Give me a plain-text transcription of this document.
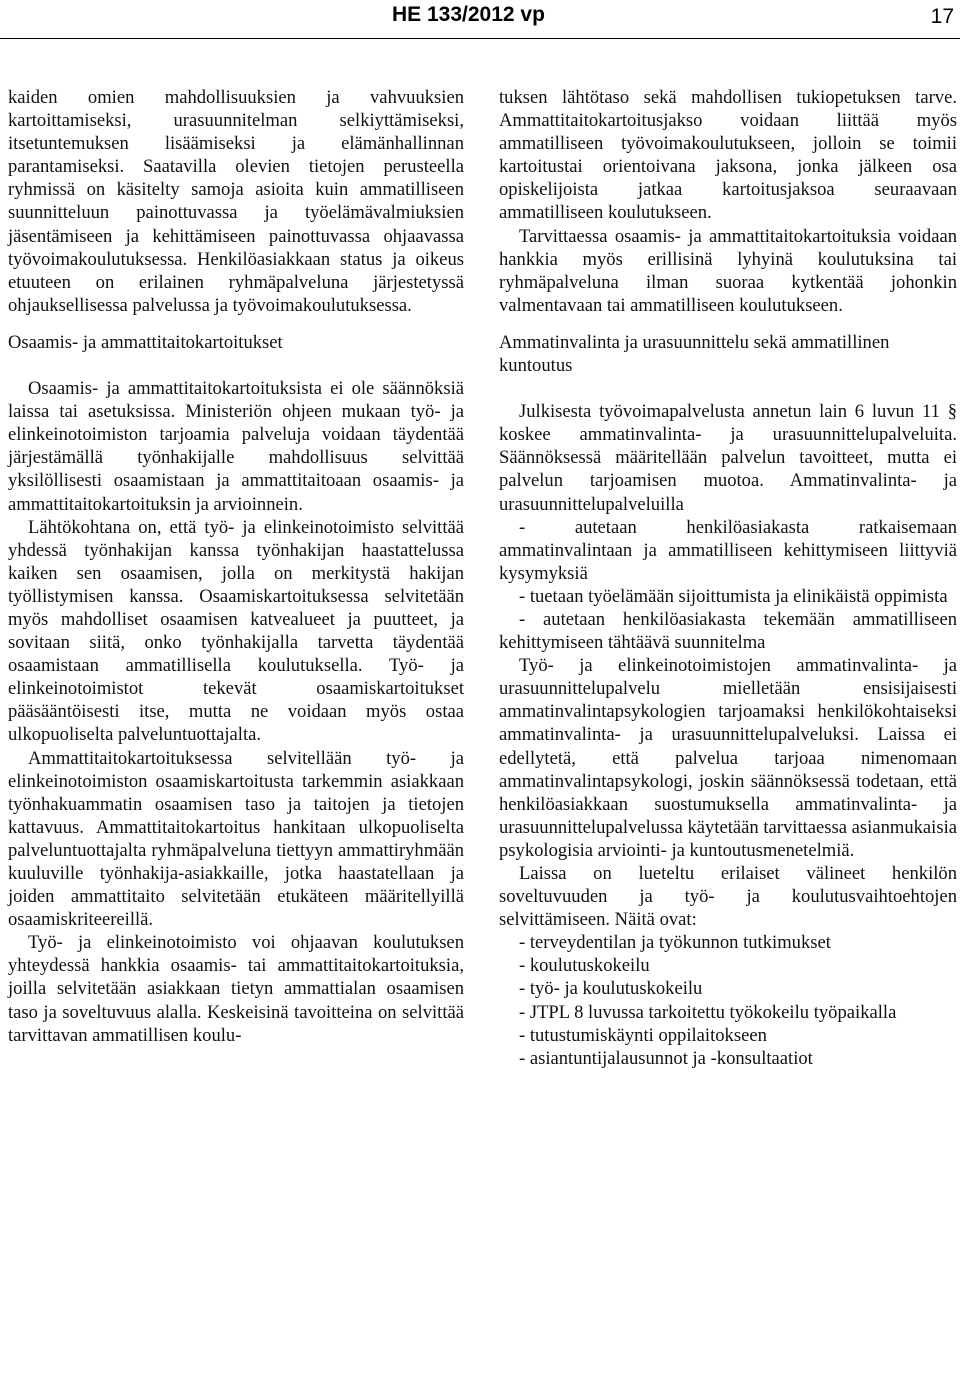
HE 133/2012 vp	17

kaiden omien mahdollisuuksien ja vahvuuksien kartoittamiseksi, urasuunnitelman selkiyttämiseksi, itsetuntemuksen lisäämiseksi ja elämänhallinnan parantamiseksi. Saatavilla olevien tietojen perusteella ryhmissä on käsitelty samoja asioita kuin ammatilliseen suunnitteluun painottuvassa ja työelämävalmiuksien jäsentämiseen ja kehittämiseen painottuvassa ohjaavassa työvoimakoulutuksessa. Henkilöasiakkaan status ja oikeus etuuteen on erilainen ryhmäpalveluna järjestetyssä ohjauksellisessa palvelussa ja työvoimakoulutuksessa.

Osaamis- ja ammattitaitokartoitukset

Osaamis- ja ammattitaitokartoituksista ei ole säännöksiä laissa tai asetuksissa. Ministeriön ohjeen mukaan työ- ja elinkeinotoimiston tarjoamia palveluja voidaan täydentää järjestämällä työnhakijalle mahdollisuus selvittää yksilöllisesti osaamistaan ja ammattitaitoaan osaamis- ja ammattitaitokartoituksin ja arvioinnein.

Lähtökohtana on, että työ- ja elinkeinotoimisto selvittää yhdessä työnhakijan kanssa työnhakijan haastattelussa kaiken sen osaamisen, jolla on merkitystä hakijan työllistymisen kanssa. Osaamiskartoituksessa selvitetään myös mahdolliset osaamisen katvealueet ja puutteet, ja sovitaan siitä, onko työnhakijalla tarvetta täydentää osaamistaan ammatillisella koulutuksella. Työ- ja elinkeinotoimistot tekevät osaamiskartoitukset pääsääntöisesti itse, mutta ne voidaan myös ostaa ulkopuoliselta palveluntuottajalta.

Ammattitaitokartoituksessa selvitellään työ- ja elinkeinotoimiston osaamiskartoitusta tarkemmin asiakkaan työnhakuammatin osaamisen taso ja taitojen ja tietojen kattavuus. Ammattitaitokartoitus hankitaan ulkopuoliselta palveluntuottajalta ryhmäpalveluna tiettyyn ammattiryhmään kuuluville työnhakija-asiakkaille, jotka haastatellaan ja joiden ammattitaito selvitetään etukäteen määritellyillä osaamiskriteereillä.

Työ- ja elinkeinotoimisto voi ohjaavan koulutuksen yhteydessä hankkia osaamis- tai ammattitaitokartoituksia, joilla selvitetään asiakkaan tietyn ammattialan osaamisen taso ja soveltuvuus alalla. Keskeisinä tavoitteina on selvittää tarvittavan ammatillisen koulu-

tuksen lähtötaso sekä mahdollisen tukiopetuksen tarve. Ammattitaitokartoitusjakso voidaan liittää myös ammatilliseen työvoimakoulutukseen, jolloin se toimii kartoitustai orientoivana jaksona, jonka jälkeen osa opiskelijoista jatkaa kartoitusjaksoa seuraavaan ammatilliseen koulutukseen.

Tarvittaessa osaamis- ja ammattitaitokartoituksia voidaan hankkia myös erillisinä lyhyinä koulutuksina tai ryhmäpalveluna ilman suoraa kytkentää johonkin valmentavaan tai ammatilliseen koulutukseen.

Ammatinvalinta ja urasuunnittelu sekä ammatillinen kuntoutus

Julkisesta työvoimapalvelusta annetun lain 6 luvun 11 § koskee ammatinvalinta- ja urasuunnittelupalveluita. Säännöksessä määritellään palvelun tavoitteet, mutta ei palvelun tarjoamisen muotoa. Ammatinvalinta- ja urasuunnittelupalveluilla

- autetaan henkilöasiakasta ratkaisemaan ammatinvalintaan ja ammatilliseen kehittymiseen liittyviä kysymyksiä

- tuetaan työelämään sijoittumista ja elinikäistä oppimista

- autetaan henkilöasiakasta tekemään ammatilliseen kehittymiseen tähtäävä suunnitelma

Työ- ja elinkeinotoimistojen ammatinvalinta- ja urasuunnittelupalvelu mielletään ensisijaisesti ammatinvalintapsykologien tarjoamaksi henkilökohtaiseksi ammatinvalinta- ja urasuunnittelupalveluksi. Laissa ei edellytetä, että palvelua tarjoaa nimenomaan ammatinvalintapsykologi, joskin säännöksessä todetaan, että henkilöasiakkaan suostumuksella ammatinvalinta- ja urasuunnittelupalvelussa käytetään tarvittaessa asianmukaisia psykologisia arviointi- ja kuntoutusmenetelmiä.

Laissa on lueteltu erilaiset välineet henkilön soveltuvuuden ja työ- ja koulutusvaihtoehtojen selvittämiseen. Näitä ovat:

- terveydentilan ja työkunnon tutkimukset

- koulutuskokeilu

- työ- ja koulutuskokeilu

- JTPL 8 luvussa tarkoitettu työkokeilu työpaikalla

- tutustumiskäynti oppilaitokseen

- asiantuntijalausunnot ja -konsultaatiot
